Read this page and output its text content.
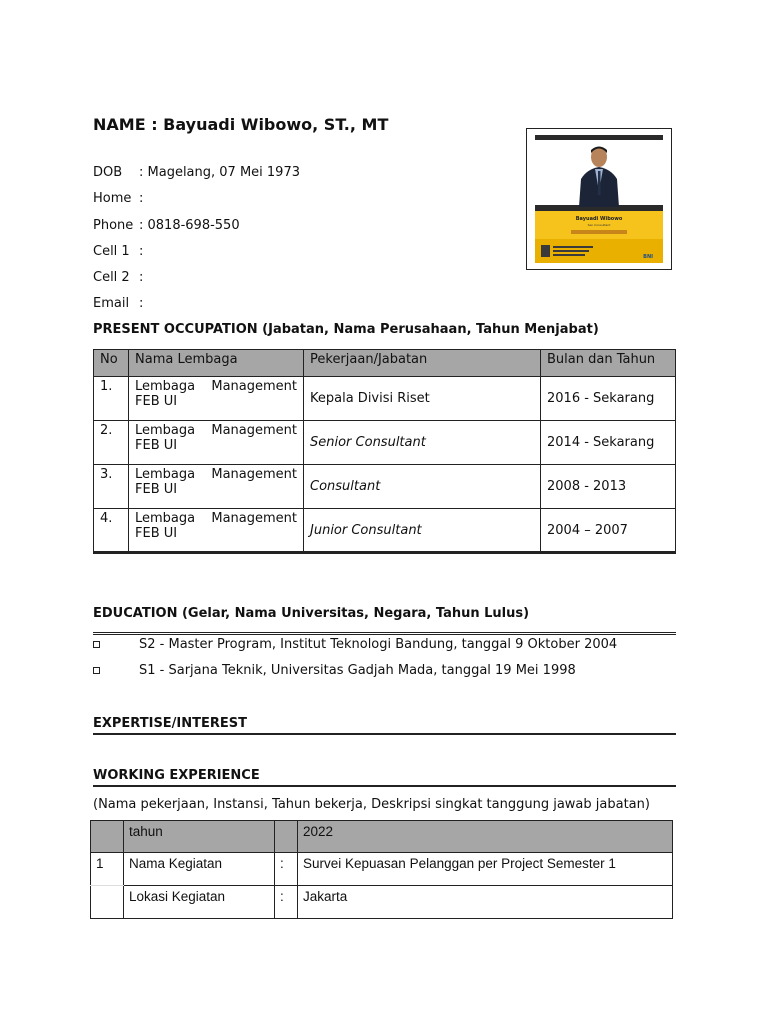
NAME : Bayuadi Wibowo, ST., MT
DOB : Magelang, 07 Mei 1973
Home :
Phone : 0818-698-550
Cell 1 :
Cell 2 :
Email :
Bayuadi Wibowo
Sen Consultant
BNI
PRESENT OCCUPATION (Jabatan, Nama Perusahaan, Tahun Menjabat)
No	Nama Lembaga	Pekerjaan/Jabatan	Bulan dan Tahun
1.	Lembaga Management
FEB UI	Kepala Divisi Riset	2016 - Sekarang
2.	Lembaga Management
FEB UI	Senior Consultant	2014 - Sekarang
3.	Lembaga Management
FEB UI	Consultant	2008 - 2013
4.	Lembaga Management
FEB UI	Junior Consultant	2004 – 2007
EDUCATION (Gelar, Nama Universitas, Negara, Tahun Lulus)
S2 - Master Program, Institut Teknologi Bandung, tanggal 9 Oktober 2004
S1 - Sarjana Teknik, Universitas Gadjah Mada, tanggal 19 Mei 1998
EXPERTISE/INTEREST
WORKING EXPERIENCE
(Nama pekerjaan, Instansi, Tahun bekerja, Deskripsi singkat tanggung jawab jabatan)
	tahun		2022
1	Nama Kegiatan	:	Survei Kepuasan Pelanggan per Project Semester 1
	Lokasi Kegiatan	:	Jakarta
